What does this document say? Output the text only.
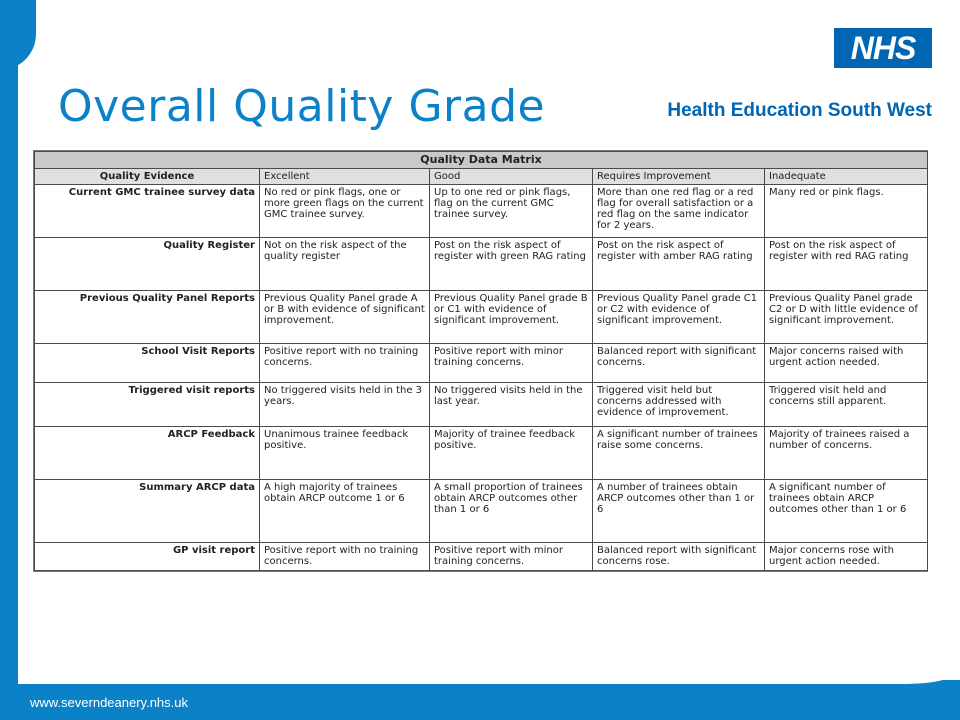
Overall Quality Grade
NHS
Health Education South West
Quality Data Matrix				
Quality Evidence	Excellent	Good	Requires Improvement	Inadequate
Current GMC trainee survey data	No red or pink flags, one or more green flags on the current GMC trainee survey.	Up to one red or pink flags, flag on the current GMC trainee survey.	More than one red flag or a red flag for overall satisfaction or a red flag on the same indicator for 2 years.	Many red or pink flags.
Quality Register	Not on the risk aspect of the quality register	Post on the risk aspect of register with green RAG rating	Post on the risk aspect of register with amber RAG rating	Post on the risk aspect of register with red RAG rating
Previous Quality Panel Reports	Previous Quality Panel grade A or B with evidence of significant improvement.	Previous Quality Panel grade B or C1 with evidence of significant improvement.	Previous Quality Panel grade C1 or C2 with evidence of significant improvement.	Previous Quality Panel grade C2 or D with little evidence of significant improvement.
School Visit Reports	Positive report with no training concerns.	Positive report with minor training concerns.	Balanced report with significant concerns.	Major concerns raised with urgent action needed.
Triggered visit reports	No triggered visits held in the 3 years.	No triggered visits held in the last year.	Triggered visit held but concerns addressed with evidence of improvement.	Triggered visit held and concerns still apparent.
ARCP Feedback	Unanimous trainee feedback positive.	Majority of trainee feedback positive.	A significant number of trainees raise some concerns.	Majority of trainees raised a number of concerns.
Summary ARCP data	A high majority of trainees obtain ARCP outcome 1 or 6	A small proportion of trainees obtain ARCP outcomes other than 1 or 6	A number of trainees obtain ARCP outcomes other than 1 or 6	A significant number of trainees obtain ARCP outcomes other than 1 or 6
GP visit report	Positive report with no training concerns.	Positive report with minor training concerns.	Balanced report with significant concerns rose.	Major concerns rose with urgent action needed.
www.severndeanery.nhs.uk
